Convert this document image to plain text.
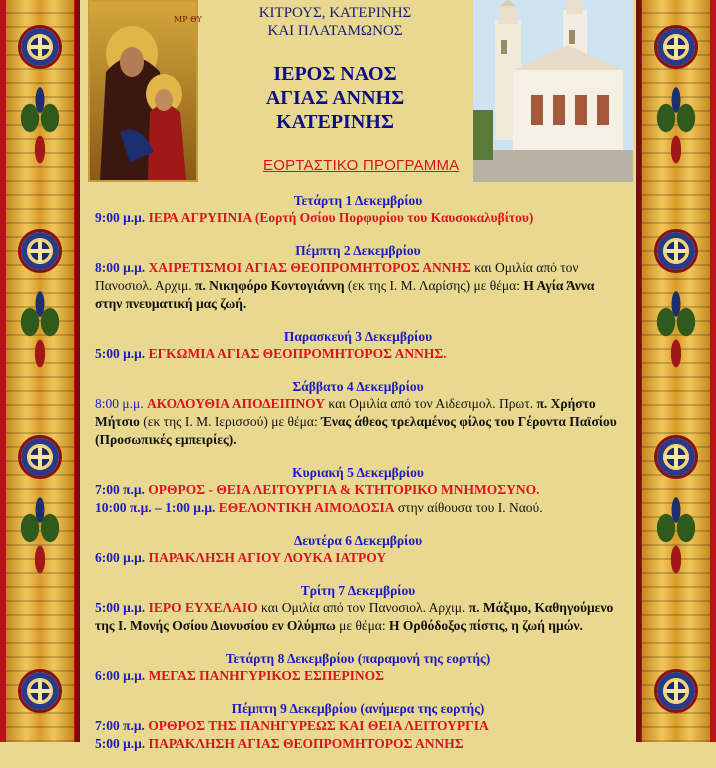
ΜΡ ΘΥ	ΚΙΤΡΟΥΣ, ΚΑΤΕΡΙΝΗΣ
ΚΑΙ ΠΛΑΤΑΜΩΝΟΣ
ΙΕΡΟΣ ΝΑΟΣ
ΑΓΙΑΣ ΑΝΝΗΣ
ΚΑΤΕΡΙΝΗΣ
ΕΟΡΤΑΣΤΙΚΟ ΠΡΟΓΡΑΜΜΑ

Τετάρτη 1 Δεκεμβρίου

9:00 μ.μ. ΙΕΡΑ ΑΓΡΥΠΝΙΑ (Εορτή Οσίου Πορφυρίου του Καυσοκαλυβίτου)

Πέμπτη 2 Δεκεμβρίου

8:00 μ.μ. ΧΑΙΡΕΤΙΣΜΟΙ ΑΓΙΑΣ ΘΕΟΠΡΟΜΗΤΟΡΟΣ ΑΝΝΗΣ και Ομιλία από τον Πανοσιολ. Αρχιμ. π. Νικηφόρο Κοντογιάννη (εκ της Ι. Μ. Λαρίσης) με θέμα: Η Αγία Άννα στην πνευματική μας ζωή.

Παρασκευή 3 Δεκεμβρίου

5:00 μ.μ. ΕΓΚΩΜΙΑ ΑΓΙΑΣ ΘΕΟΠΡΟΜΗΤΟΡΟΣ ΑΝΝΗΣ.

Σάββατο 4 Δεκεμβρίου

8:00 μ.μ. ΑΚΟΛΟΥΘΙΑ ΑΠΟΔΕΙΠΝΟΥ και Ομιλία από τον Αιδεσιμολ. Πρωτ. π. Χρήστο Μήτσιο (εκ της Ι. Μ. Ιερισσού) με θέμα: Ένας άθεος τρελαμένος φίλος του Γέροντα Παϊσίου (Προσωπικές εμπειρίες).

Κυριακή 5 Δεκεμβρίου

7:00 π.μ. ΟΡΘΡΟΣ - ΘΕΙΑ ΛΕΙΤΟΥΡΓΙΑ & ΚΤΗΤΟΡΙΚΟ ΜΝΗΜΟΣΥΝΟ.

10:00 π.μ. – 1:00 μ.μ. ΕΘΕΛΟΝΤΙΚΗ ΑΙΜΟΔΟΣΙΑ στην αίθουσα του Ι. Ναού.

Δευτέρα 6 Δεκεμβρίου

6:00 μ.μ. ΠΑΡΑΚΛΗΣΗ ΑΓΙΟΥ ΛΟΥΚΑ ΙΑΤΡΟΥ

Τρίτη 7 Δεκεμβρίου

5:00 μ.μ. ΙΕΡΟ ΕΥΧΕΛΑΙΟ και Ομιλία από τον Πανοσιολ. Αρχιμ. π. Μάξιμο, Καθηγούμενο της Ι. Μονής Οσίου Διονυσίου εν Ολύμπω με θέμα: Η Ορθόδοξος πίστις, η ζωή ημών.

Τετάρτη 8 Δεκεμβρίου (παραμονή της εορτής)

6:00 μ.μ. ΜΕΓΑΣ ΠΑΝΗΓΥΡΙΚΟΣ ΕΣΠΕΡΙΝΟΣ

Πέμπτη 9 Δεκεμβρίου (ανήμερα της εορτής)

7:00 π.μ. ΟΡΘΡΟΣ ΤΗΣ ΠΑΝΗΓΥΡΕΩΣ ΚΑΙ ΘΕΙΑ ΛΕΙΤΟΥΡΓΙΑ

5:00 μ.μ. ΠΑΡΑΚΛΗΣΗ ΑΓΙΑΣ ΘΕΟΠΡΟΜΗΤΟΡΟΣ ΑΝΝΗΣ
